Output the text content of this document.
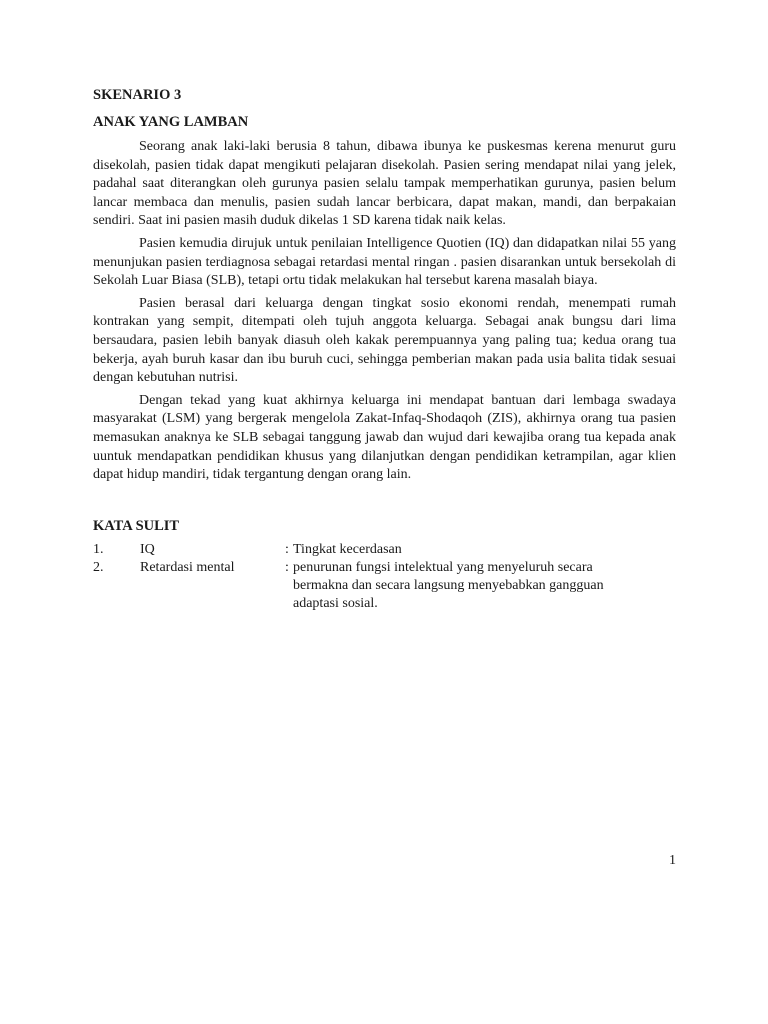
SKENARIO 3

ANAK YANG LAMBAN

Seorang anak laki-laki berusia 8 tahun, dibawa ibunya ke puskesmas kerena menurut guru disekolah, pasien tidak dapat mengikuti pelajaran disekolah. Pasien sering mendapat nilai yang jelek, padahal saat diterangkan oleh gurunya pasien selalu tampak memperhatikan gurunya, pasien belum lancar membaca dan menulis, pasien sudah lancar berbicara, dapat makan, mandi, dan berpakaian sendiri. Saat ini pasien masih duduk dikelas 1 SD karena tidak naik kelas.

Pasien kemudia dirujuk untuk penilaian Intelligence Quotien (IQ) dan didapatkan nilai 55 yang menunjukan pasien terdiagnosa sebagai retardasi mental ringan . pasien disarankan untuk bersekolah di Sekolah Luar Biasa (SLB), tetapi ortu tidak melakukan hal tersebut karena masalah biaya.

Pasien berasal dari keluarga dengan tingkat sosio ekonomi rendah, menempati rumah kontrakan yang sempit, ditempati oleh tujuh anggota keluarga. Sebagai anak bungsu dari lima bersaudara, pasien lebih banyak diasuh oleh kakak perempuannya yang paling tua; kedua orang tua bekerja, ayah buruh kasar dan ibu buruh cuci, sehingga pemberian makan pada usia balita tidak sesuai dengan kebutuhan nutrisi.

Dengan tekad yang kuat akhirnya keluarga ini mendapat bantuan dari lembaga swadaya masyarakat (LSM) yang bergerak mengelola Zakat-Infaq-Shodaqoh (ZIS), akhirnya orang tua pasien memasukan anaknya ke SLB sebagai tanggung jawab dan wujud dari kewajiba orang tua kepada anak uuntuk mendapatkan pendidikan khusus yang dilanjutkan dengan pendidikan ketrampilan, agar klien dapat hidup mandiri, tidak tergantung dengan orang lain.

KATA SULIT

1.	IQ	: Tingkat kecerdasan
2.	Retardasi mental	: penurunan fungsi intelektual yang menyeluruh secara bermakna dan secara langsung menyebabkan gangguan adaptasi sosial.
1
